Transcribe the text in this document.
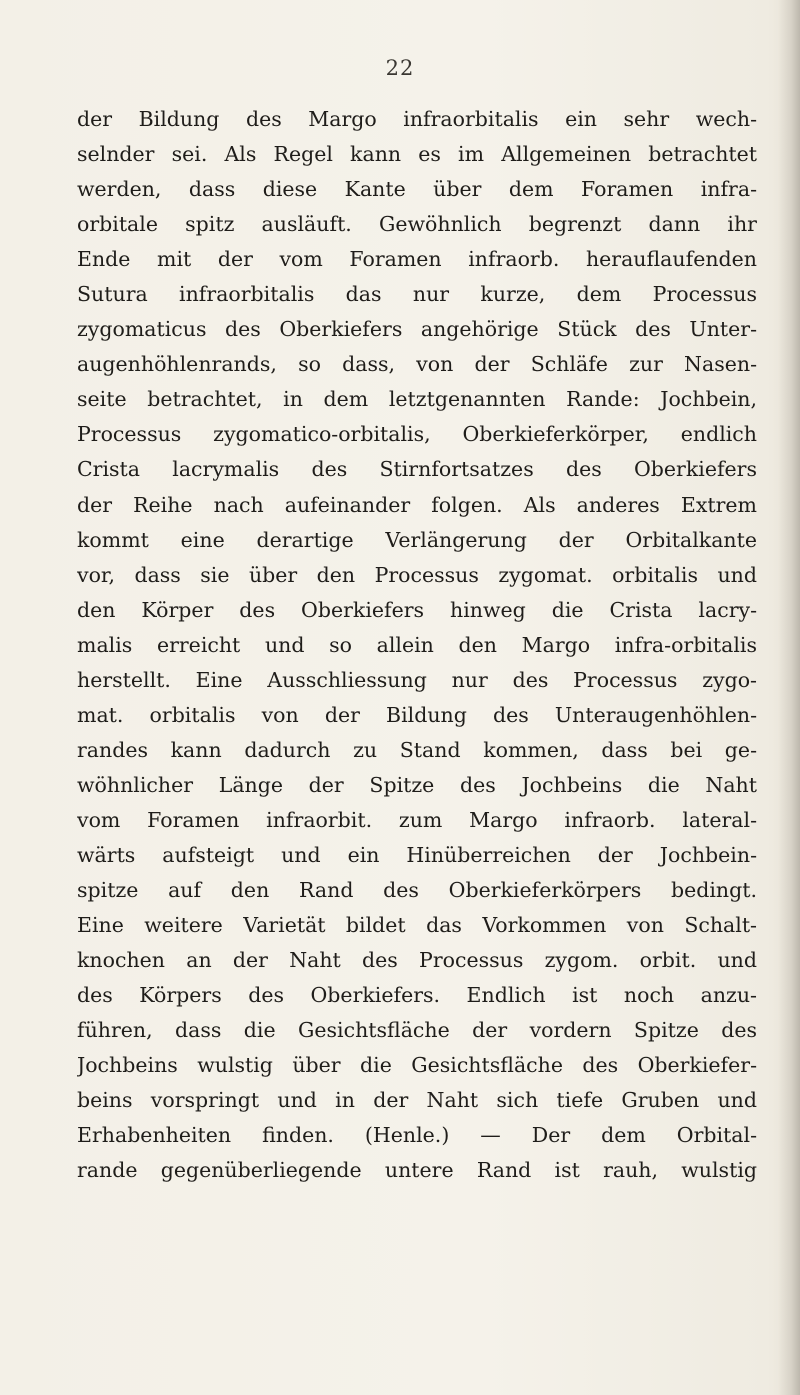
22
der Bildung des Margo infraorbitalis ein sehr wech-
selnder sei. Als Regel kann es im Allgemeinen betrachtet
werden, dass diese Kante über dem Foramen infra-
orbitale spitz ausläuft. Gewöhnlich begrenzt dann ihr
Ende mit der vom Foramen infraorb. herauflaufenden
Sutura infraorbitalis das nur kurze, dem Processus
zygomaticus des Oberkiefers angehörige Stück des Unter-
augenhöhlenrands, so dass, von der Schläfe zur Nasen-
seite betrachtet, in dem letztgenannten Rande: Jochbein,
Processus zygomatico-orbitalis, Oberkieferkörper, endlich
Crista lacrymalis des Stirnfortsatzes des Oberkiefers
der Reihe nach aufeinander folgen. Als anderes Extrem
kommt eine derartige Verlängerung der Orbitalkante
vor, dass sie über den Processus zygomat. orbitalis und
den Körper des Oberkiefers hinweg die Crista lacry-
malis erreicht und so allein den Margo infra-orbitalis
herstellt. Eine Ausschliessung nur des Processus zygo-
mat. orbitalis von der Bildung des Unteraugenhöhlen-
randes kann dadurch zu Stand kommen, dass bei ge-
wöhnlicher Länge der Spitze des Jochbeins die Naht
vom Foramen infraorbit. zum Margo infraorb. lateral-
wärts aufsteigt und ein Hinüberreichen der Jochbein-
spitze auf den Rand des Oberkieferkörpers bedingt.
Eine weitere Varietät bildet das Vorkommen von Schalt-
knochen an der Naht des Processus zygom. orbit. und
des Körpers des Oberkiefers. Endlich ist noch anzu-
führen, dass die Gesichtsfläche der vordern Spitze des
Jochbeins wulstig über die Gesichtsfläche des Oberkiefer-
beins vorspringt und in der Naht sich tiefe Gruben und
Erhabenheiten finden. (Henle.) — Der dem Orbital-
rande gegenüberliegende untere Rand ist rauh, wulstig
